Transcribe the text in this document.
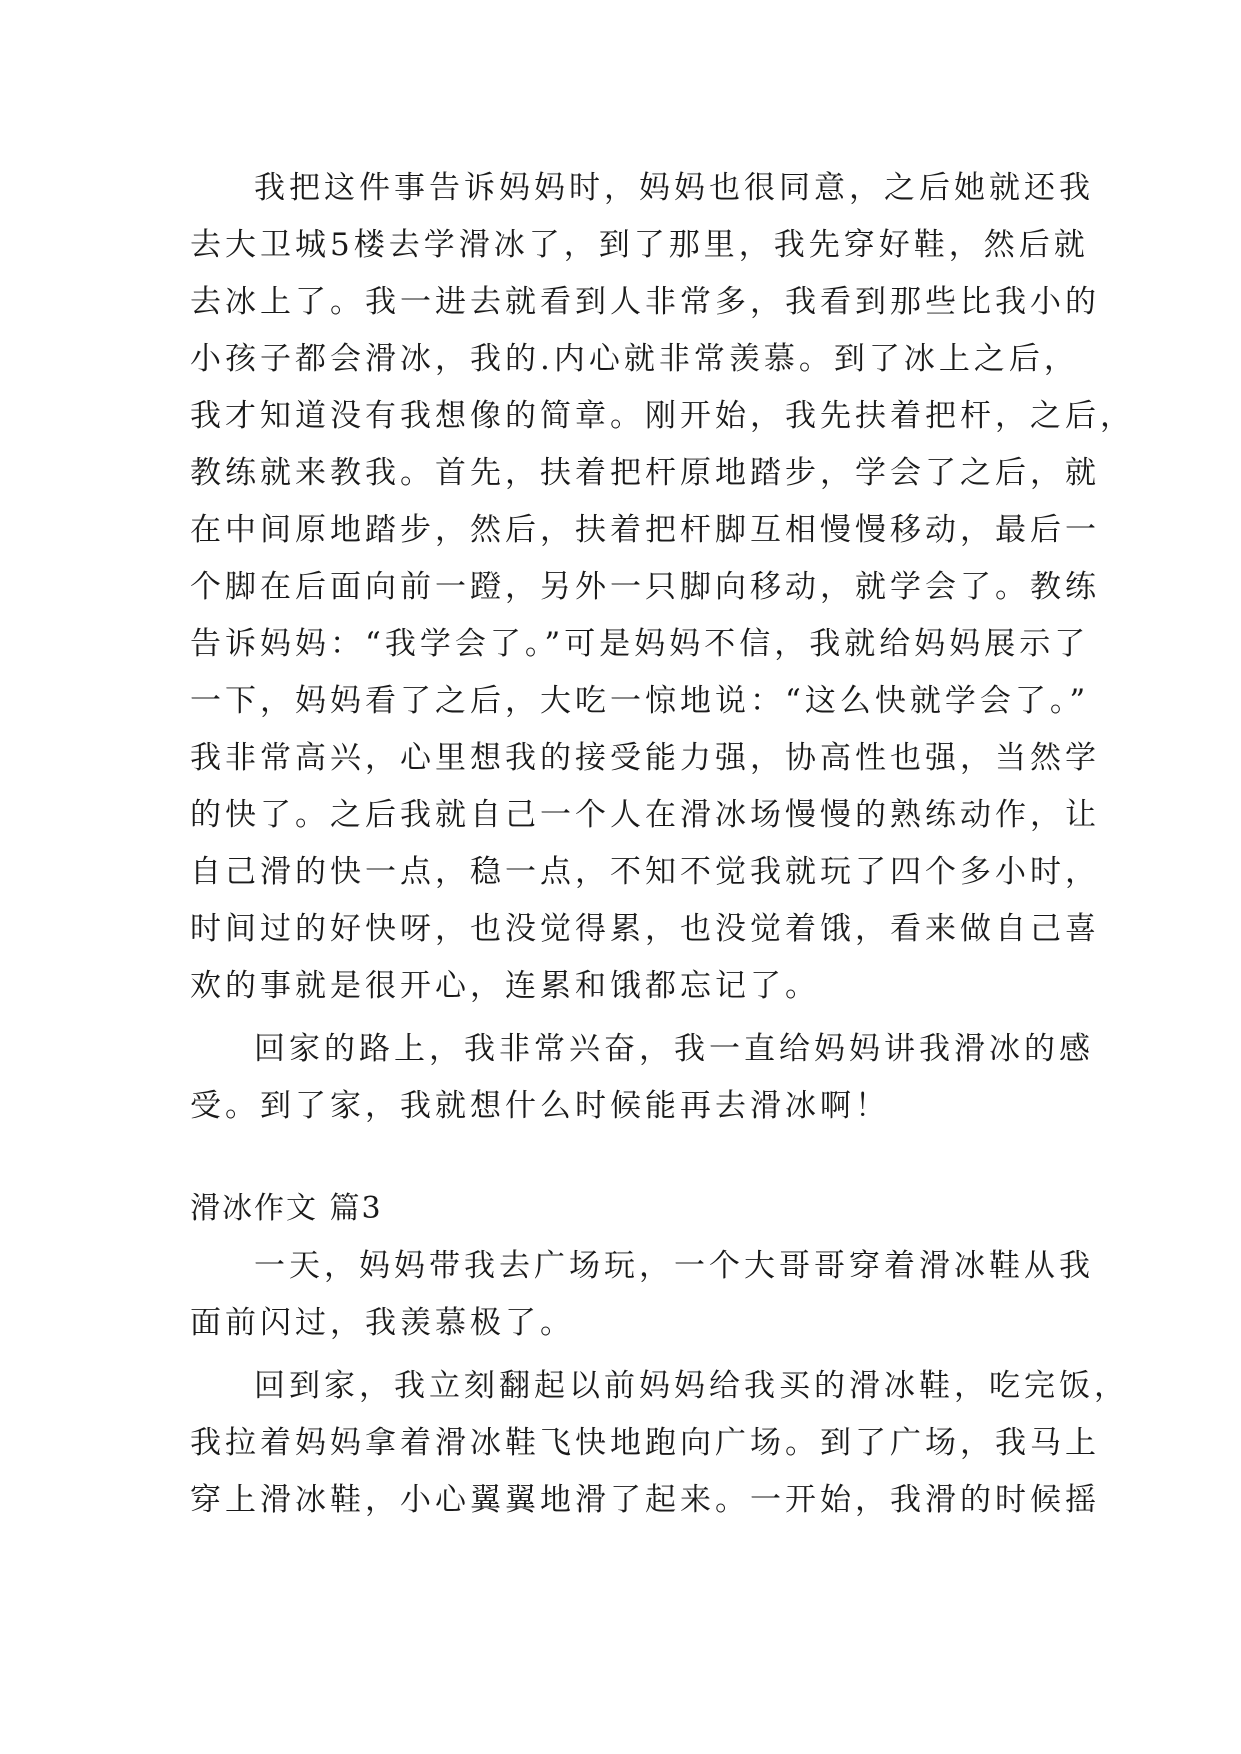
我把这件事告诉妈妈时，妈妈也很同意，之后她就还我
去大卫城5楼去学滑冰了，到了那里，我先穿好鞋，然后就
去冰上了。我一进去就看到人非常多，我看到那些比我小的
小孩子都会滑冰，我的.内心就非常羡慕。到了冰上之后，
我才知道没有我想像的简章。刚开始，我先扶着把杆，之后，
教练就来教我。首先，扶着把杆原地踏步，学会了之后，就
在中间原地踏步，然后，扶着把杆脚互相慢慢移动，最后一
个脚在后面向前一蹬，另外一只脚向移动，就学会了。教练
告诉妈妈：“我学会了。”可是妈妈不信，我就给妈妈展示了
一下，妈妈看了之后，大吃一惊地说：“这么快就学会了。”
我非常高兴，心里想我的接受能力强，协高性也强，当然学
的快了。之后我就自己一个人在滑冰场慢慢的熟练动作，让
自己滑的快一点，稳一点，不知不觉我就玩了四个多小时，
时间过的好快呀，也没觉得累，也没觉着饿，看来做自己喜
欢的事就是很开心，连累和饿都忘记了。
回家的路上，我非常兴奋，我一直给妈妈讲我滑冰的感
受。到了家，我就想什么时候能再去滑冰啊！
滑冰作文 篇3
一天，妈妈带我去广场玩，一个大哥哥穿着滑冰鞋从我
面前闪过，我羡慕极了。
回到家，我立刻翻起以前妈妈给我买的滑冰鞋，吃完饭，
我拉着妈妈拿着滑冰鞋飞快地跑向广场。到了广场，我马上
穿上滑冰鞋，小心翼翼地滑了起来。一开始，我滑的时候摇
